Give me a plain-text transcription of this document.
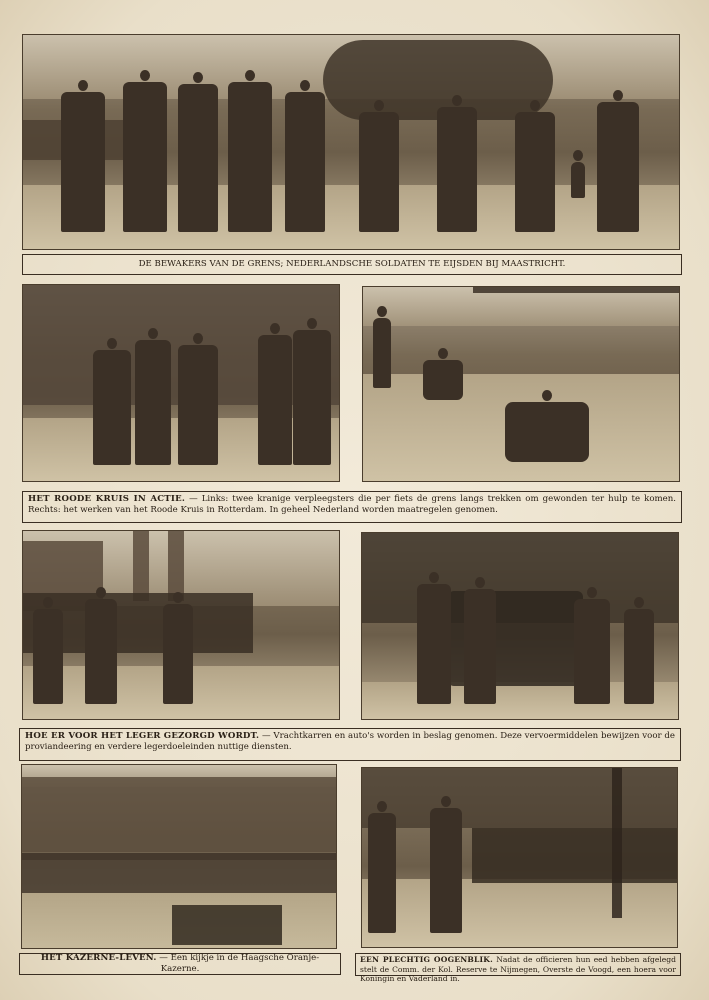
DE BEWAKERS VAN DE GRENS; NEDERLANDSCHE SOLDATEN TE EIJSDEN BIJ MAASTRICHT.
HET ROODE KRUIS IN ACTIE. — Links: twee kranige verpleegsters die per fiets de grens langs trekken om gewonden ter hulp te komen. Rechts: het werken van het Roode Kruis in Rotterdam. In geheel Nederland worden maatregelen genomen.
HOE ER VOOR HET LEGER GEZORGD WORDT. — Vrachtkarren en auto's worden in beslag genomen. Deze vervoermiddelen bewijzen voor de proviandeering en verdere legerdoeleinden nuttige diensten.
HET KAZERNE-LEVEN. — Een kijkje in de Haagsche Oranje-Kazerne.
EEN PLECHTIG OOGENBLIK. Nadat de officieren hun eed hebben afgelegd stelt de Comm. der Kol. Reserve te Nijmegen, Overste de Voogd, een hoera voor Koningin en Vaderland in.
